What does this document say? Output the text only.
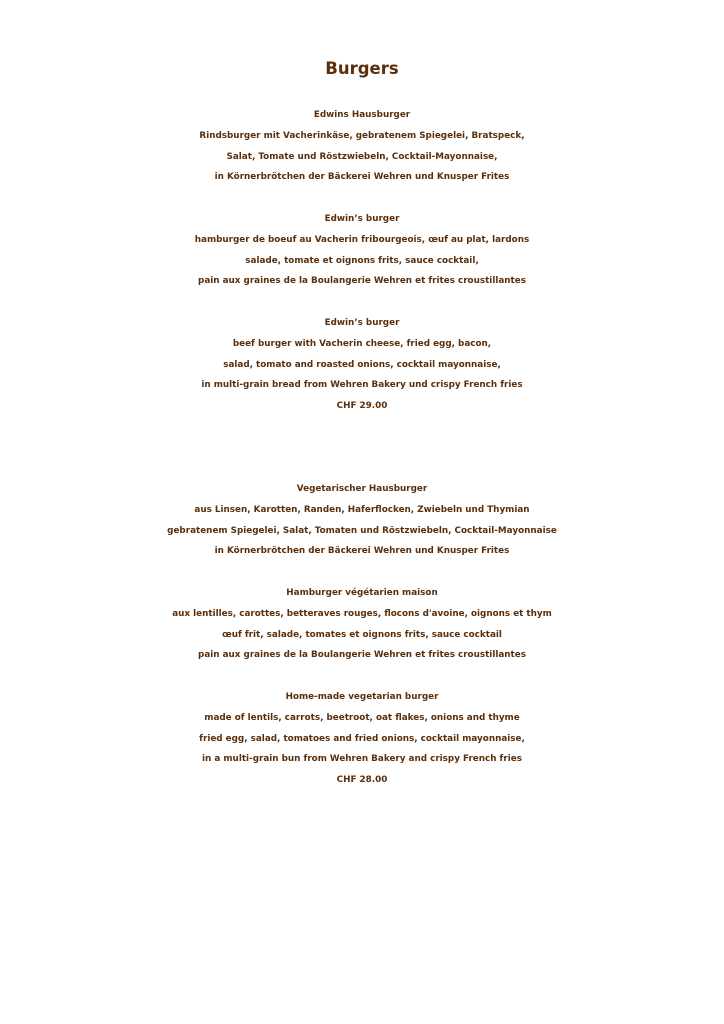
Burgers
Edwins Hausburger
Rindsburger mit Vacherinkäse, gebratenem Spiegelei, Bratspeck,
Salat, Tomate und Röstzwiebeln, Cocktail-Mayonnaise,
in Körnerbrötchen der Bäckerei Wehren und Knusper Frites
Edwin’s burger
hamburger de boeuf au Vacherin fribourgeois, œuf au plat, lardons
salade, tomate et oignons frits, sauce cocktail,
pain aux graines de la Boulangerie Wehren et frites croustillantes
Edwin’s burger
beef burger with Vacherin cheese, fried egg, bacon,
salad, tomato and roasted onions, cocktail mayonnaise,
in multi-grain bread from Wehren Bakery und crispy French fries
CHF 29.00
Vegetarischer Hausburger
aus Linsen, Karotten, Randen, Haferflocken, Zwiebeln und Thymian
gebratenem Spiegelei, Salat, Tomaten und Röstzwiebeln, Cocktail-Mayonnaise
in Körnerbrötchen der Bäckerei Wehren und Knusper Frites
Hamburger végétarien maison
aux lentilles, carottes, betteraves rouges, flocons d'avoine, oignons et thym
œuf frit, salade, tomates et oignons frits, sauce cocktail
pain aux graines de la Boulangerie Wehren et frites croustillantes
Home-made vegetarian burger
made of lentils, carrots, beetroot, oat flakes, onions and thyme
fried egg, salad, tomatoes and fried onions, cocktail mayonnaise,
in a multi-grain bun from Wehren Bakery and crispy French fries
CHF 28.00
